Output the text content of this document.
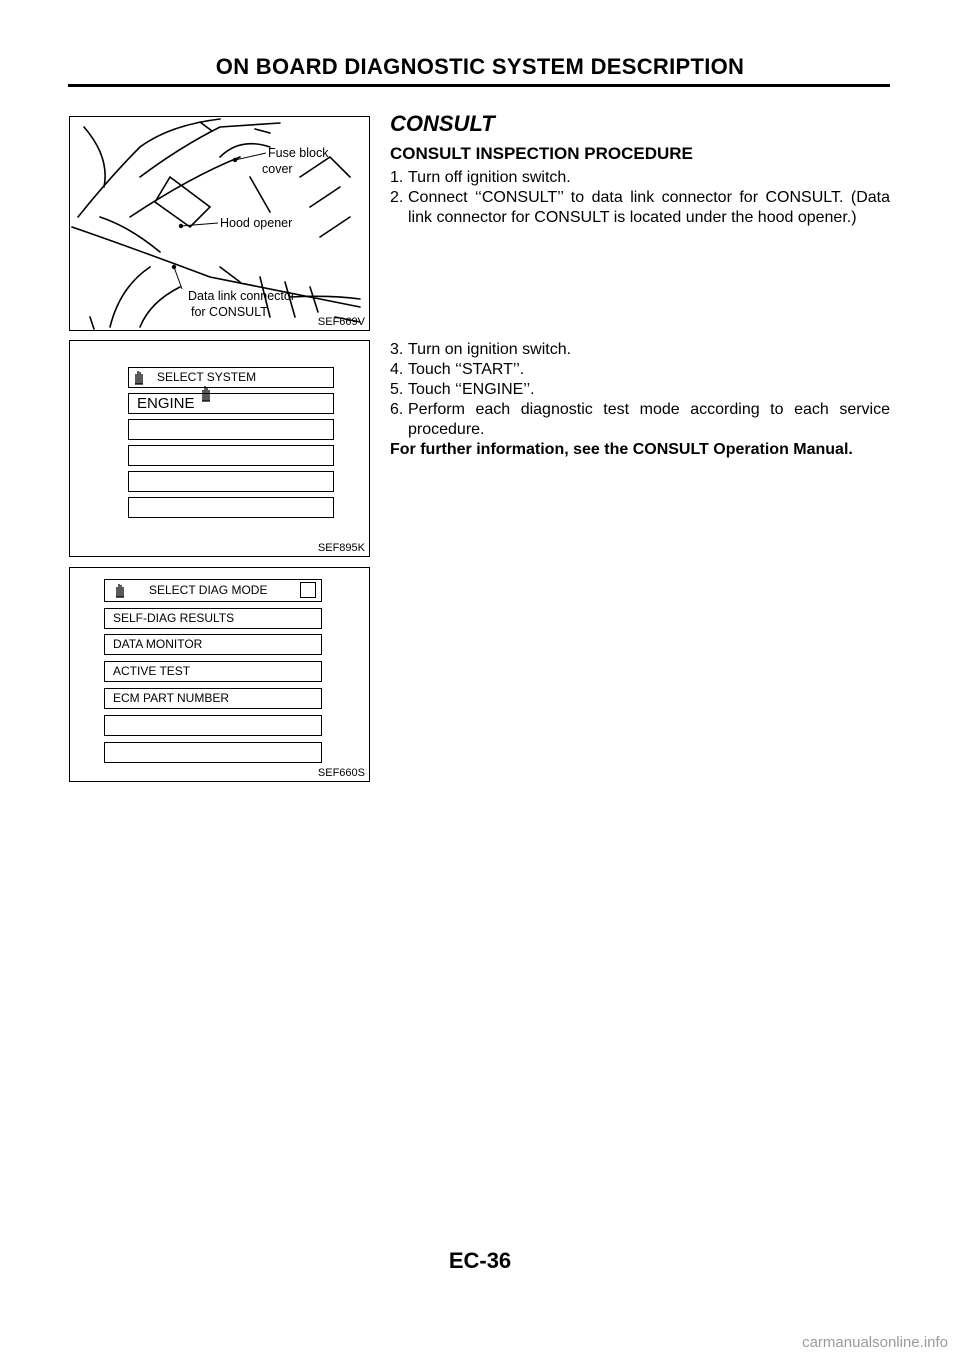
ON BOARD DIAGNOSTIC SYSTEM DESCRIPTION
Fuse block
cover
Hood opener
Data link connector
for CONSULT
SEF669V
SELECT SYSTEM
ENGINE
SEF895K
SELECT DIAG MODE
SELF-DIAG RESULTS
DATA MONITOR
ACTIVE TEST
ECM PART NUMBER
SEF660S
CONSULT
CONSULT INSPECTION PROCEDURE
1. Turn off ignition switch.
2. Connect ‘‘CONSULT’’ to data link connector for CONSULT. (Data link connector for CONSULT is located under the hood opener.)
3. Turn on ignition switch.
4. Touch ‘‘START’’.
5. Touch ‘‘ENGINE’’.
6. Perform each diagnostic test mode according to each service procedure.
For further information, see the CONSULT Operation Manual.
EC-36
carmanualsonline.info
